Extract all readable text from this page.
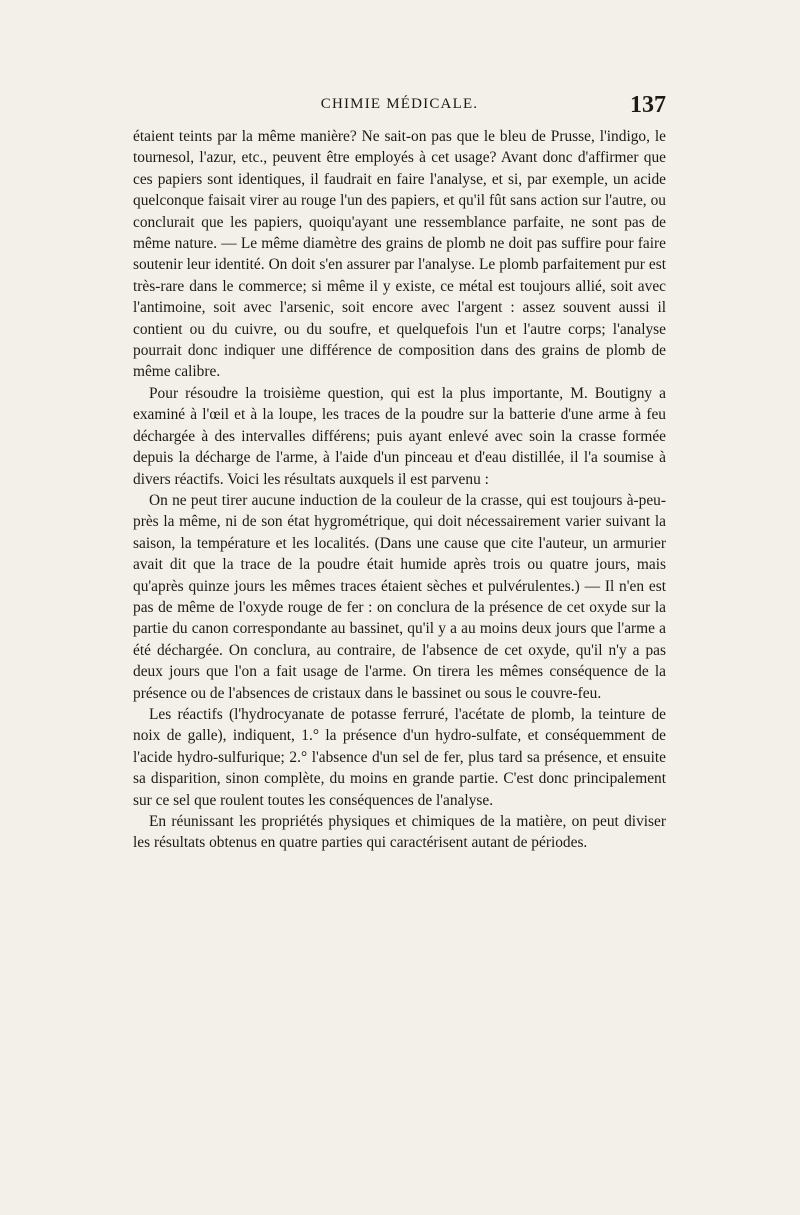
CHIMIE MÉDICALE.	137

étaient teints par la même manière? Ne sait-on pas que le bleu de Prusse, l'indigo, le tournesol, l'azur, etc., peuvent être employés à cet usage? Avant donc d'affirmer que ces papiers sont identiques, il faudrait en faire l'analyse, et si, par exemple, un acide quelconque faisait virer au rouge l'un des papiers, et qu'il fût sans action sur l'autre, ou conclurait que les papiers, quoiqu'ayant une ressemblance parfaite, ne sont pas de même nature. — Le même diamètre des grains de plomb ne doit pas suffire pour faire soutenir leur identité. On doit s'en assurer par l'analyse. Le plomb parfaitement pur est très-rare dans le commerce; si même il y existe, ce métal est toujours allié, soit avec l'antimoine, soit avec l'arsenic, soit encore avec l'argent : assez souvent aussi il contient ou du cuivre, ou du soufre, et quelquefois l'un et l'autre corps; l'analyse pourrait donc indiquer une différence de composition dans des grains de plomb de même calibre.

Pour résoudre la troisième question, qui est la plus importante, M. Boutigny a examiné à l'œil et à la loupe, les traces de la poudre sur la batterie d'une arme à feu déchargée à des intervalles différens; puis ayant enlevé avec soin la crasse formée depuis la décharge de l'arme, à l'aide d'un pinceau et d'eau distillée, il l'a soumise à divers réactifs. Voici les résultats auxquels il est parvenu :

On ne peut tirer aucune induction de la couleur de la crasse, qui est toujours à-peu-près la même, ni de son état hygrométrique, qui doit nécessairement varier suivant la saison, la température et les localités. (Dans une cause que cite l'auteur, un armurier avait dit que la trace de la poudre était humide après trois ou quatre jours, mais qu'après quinze jours les mêmes traces étaient sèches et pulvérulentes.) — Il n'en est pas de même de l'oxyde rouge de fer : on conclura de la présence de cet oxyde sur la partie du canon correspondante au bassinet, qu'il y a au moins deux jours que l'arme a été déchargée. On conclura, au contraire, de l'absence de cet oxyde, qu'il n'y a pas deux jours que l'on a fait usage de l'arme. On tirera les mêmes conséquence de la présence ou de l'absences de cristaux dans le bassinet ou sous le couvre-feu.

Les réactifs (l'hydrocyanate de potasse ferruré, l'acétate de plomb, la teinture de noix de galle), indiquent, 1.° la présence d'un hydro-sulfate, et conséquemment de l'acide hydro-sulfurique; 2.° l'absence d'un sel de fer, plus tard sa présence, et ensuite sa disparition, sinon complète, du moins en grande partie. C'est donc principalement sur ce sel que roulent toutes les conséquences de l'analyse.

En réunissant les propriétés physiques et chimiques de la matière, on peut diviser les résultats obtenus en quatre parties qui caractérisent autant de périodes.
